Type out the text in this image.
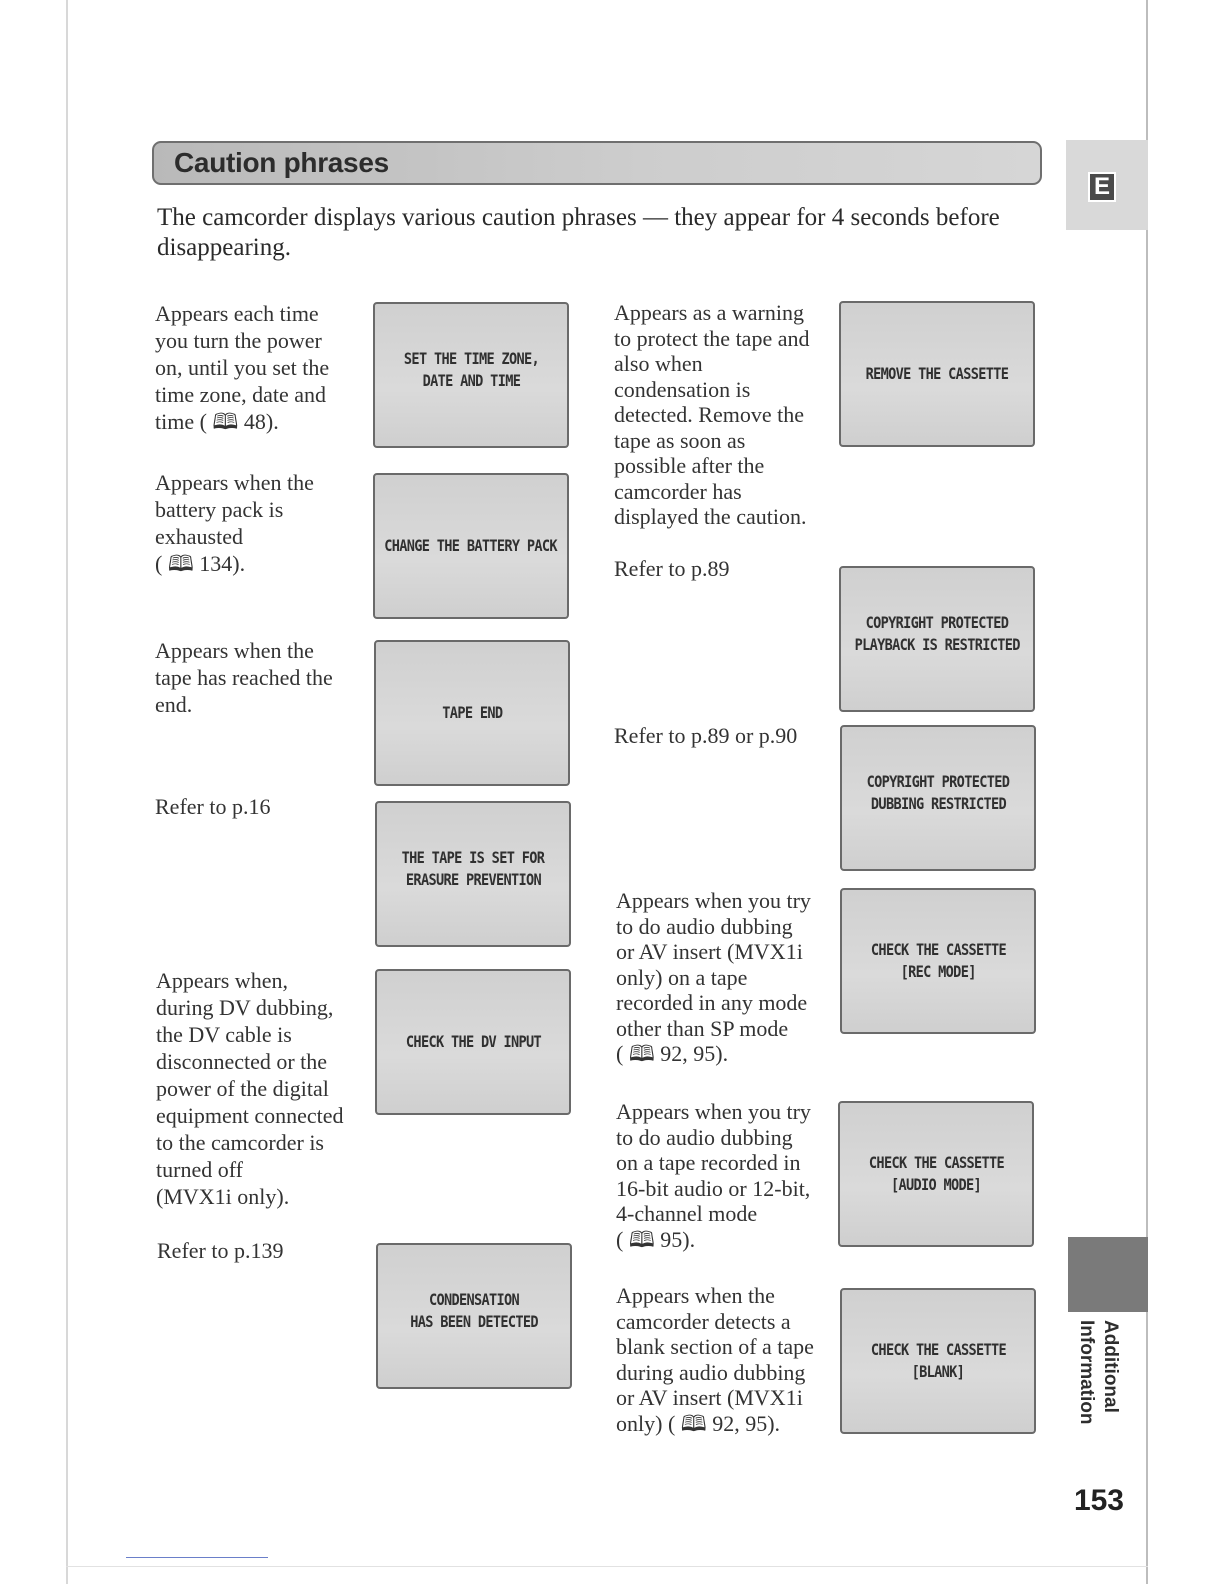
Caution phrases
E
Additional Information
153
The camcorder displays various caution phrases — they appear for 4 seconds before disappearing.
Appears each time
you turn the power
on, until you set the
time zone, date and
time ( 🕮 48).
SET THE TIME ZONE,
DATE AND TIME
Appears when the
battery pack is
exhausted
( 🕮 134).
CHANGE THE BATTERY PACK
Appears when the
tape has reached the
end.	TAPE END
Refer to p.16
THE TAPE IS SET FOR
ERASURE PREVENTION
Appears when,
during DV dubbing,
the DV cable is
disconnected or the
power of the digital
equipment connected
to the camcorder is
turned off
(MVX1i only).
CHECK THE DV INPUT
Refer to p.139
CONDENSATION
HAS BEEN DETECTED
Appears as a warning
to protect the tape and
also when
condensation is
detected. Remove the
tape as soon as
possible after the
camcorder has
displayed the caution.
REMOVE THE CASSETTE
Refer to p.89
COPYRIGHT PROTECTED
PLAYBACK IS RESTRICTED
Refer to p.89 or p.90
COPYRIGHT PROTECTED
DUBBING RESTRICTED
Appears when you try
to do audio dubbing
or AV insert (MVX1i
only) on a tape
recorded in any mode
other than SP mode
( 🕮 92, 95).
CHECK THE CASSETTE
[REC MODE]
Appears when you try
to do audio dubbing
on a tape recorded in
16-bit audio or 12-bit,
4-channel mode
( 🕮 95).
CHECK THE CASSETTE
[AUDIO MODE]
Appears when the
camcorder detects a
blank section of a tape
during audio dubbing
or AV insert (MVX1i
only) ( 🕮 92, 95).
CHECK THE CASSETTE
[BLANK]
